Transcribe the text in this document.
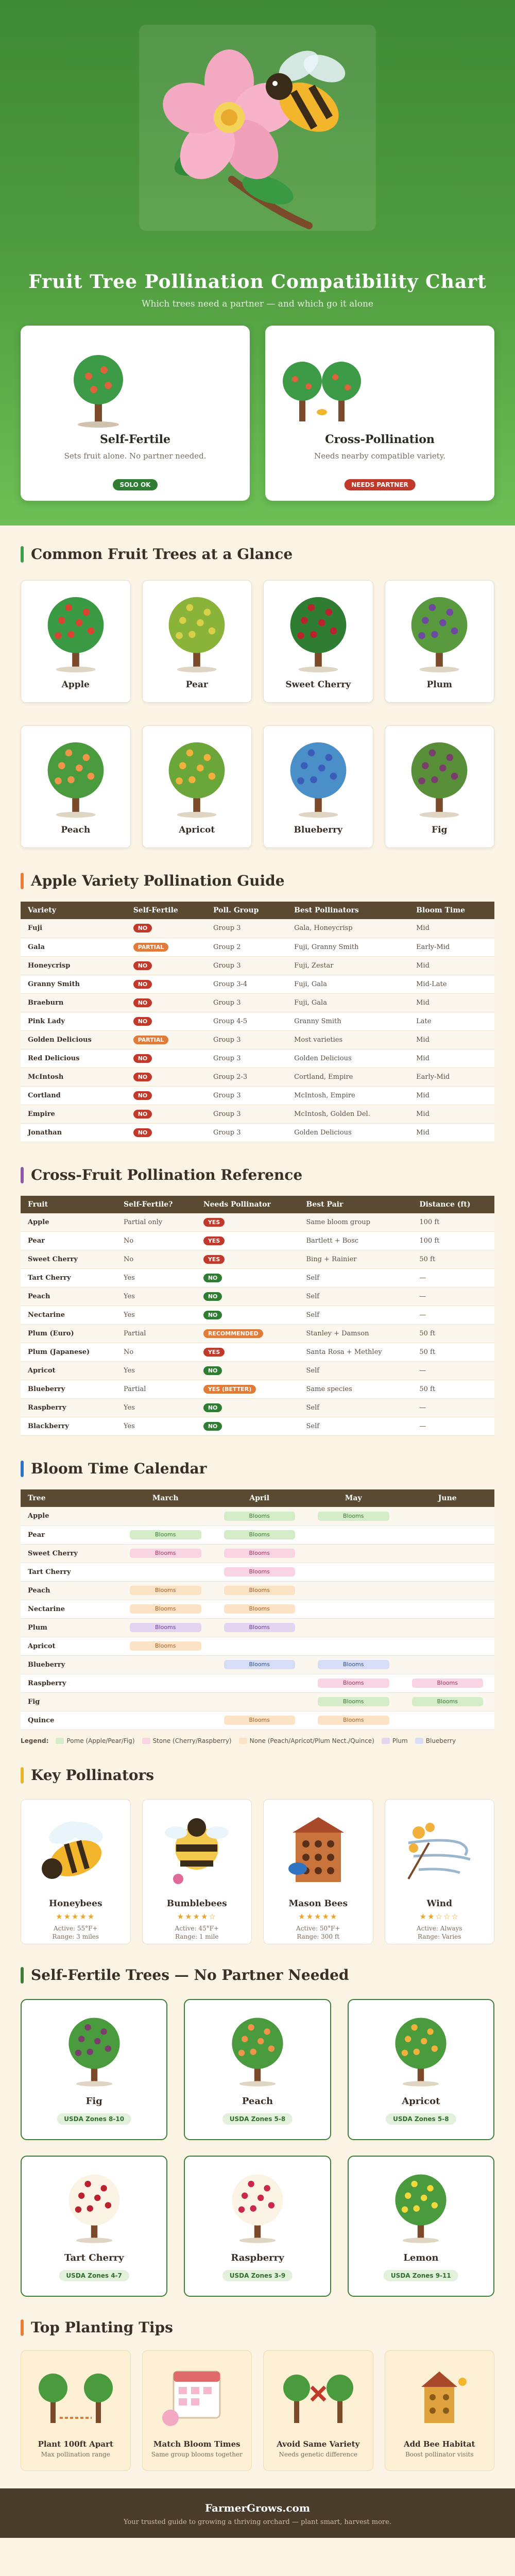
Fruit Tree Pollination Compatibility Chart
Which trees need a partner — and which go it alone
Self-Fertile
Sets fruit alone. No partner needed.
SOLO OK
Cross-Pollination
Needs nearby compatible variety.
NEEDS PARTNER
Common Fruit Trees at a Glance
Apple	Pear	Sweet Cherry	Plum
Peach	Apricot	Blueberry	Fig
Apple Variety Pollination Guide
Variety	Self-Fertile	Poll. Group	Best Pollinators	Bloom Time
Fuji	NO	Group 3	Gala, Honeycrisp	Mid
Gala	PARTIAL	Group 2	Fuji, Granny Smith	Early-Mid
Honeycrisp	NO	Group 3	Fuji, Zestar	Mid
Granny Smith	NO	Group 3-4	Fuji, Gala	Mid-Late
Braeburn	NO	Group 3	Fuji, Gala	Mid
Pink Lady	NO	Group 4-5	Granny Smith	Late
Golden Delicious	PARTIAL	Group 3	Most varieties	Mid
Red Delicious	NO	Group 3	Golden Delicious	Mid
McIntosh	NO	Group 2-3	Cortland, Empire	Early-Mid
Cortland	NO	Group 3	McIntosh, Empire	Mid
Empire	NO	Group 3	McIntosh, Golden Del.	Mid
Jonathan	NO	Group 3	Golden Delicious	Mid
Cross-Fruit Pollination Reference
Fruit	Self-Fertile?	Needs Pollinator	Best Pair	Distance (ft)
Apple	Partial only	YES	Same bloom group	100 ft
Pear	No	YES	Bartlett + Bosc	100 ft
Sweet Cherry	No	YES	Bing + Rainier	50 ft
Tart Cherry	Yes	NO	Self	—
Peach	Yes	NO	Self	—
Nectarine	Yes	NO	Self	—
Plum (Euro)	Partial	RECOMMENDED	Stanley + Damson	50 ft
Plum (Japanese)	No	YES	Santa Rosa + Methley	50 ft
Apricot	Yes	NO	Self	—
Blueberry	Partial	YES (BETTER)	Same species	50 ft
Raspberry	Yes	NO	Self	—
Blackberry	Yes	NO	Self	—
Bloom Time Calendar
Tree	March	April	May	June
Apple		Blooms	Blooms	

Pear	Blooms	Blooms		

Sweet Cherry	Blooms	Blooms		

Tart Cherry		Blooms		

Peach	Blooms	Blooms		

Nectarine	Blooms	Blooms		

Plum	Blooms	Blooms		

Apricot	Blooms			

Blueberry		Blooms	Blooms	

Raspberry			Blooms	Blooms

Fig			Blooms	Blooms

Quince		Blooms	Blooms	

Legend:	Pome (Apple/Pear/Fig)	Stone (Cherry/Raspberry)	None (Peach/Apricot/Plum Nect./Quince)	Plum	Blueberry
Key Pollinators
Honeybees
★★★★★
Active: 55°F+
Range: 3 miles
Bumblebees
★★★★☆
Active: 45°F+
Range: 1 mile
Mason Bees
★★★★★
Active: 50°F+
Range: 300 ft
Wind
★★☆☆☆
Active: Always
Range: Varies
Self-Fertile Trees — No Partner Needed
Fig
USDA Zones 8-10
Peach
USDA Zones 5-8
Apricot
USDA Zones 5-8
Tart Cherry
USDA Zones 4-7
Raspberry
USDA Zones 3-9
Lemon
USDA Zones 9-11
Top Planting Tips
Plant 100ft Apart
Max pollination range
Match Bloom Times
Same group blooms together
Avoid Same Variety
Needs genetic difference
Add Bee Habitat
Boost pollinator visits
FarmerGrows.com
Your trusted guide to growing a thriving orchard — plant smart, harvest more.
